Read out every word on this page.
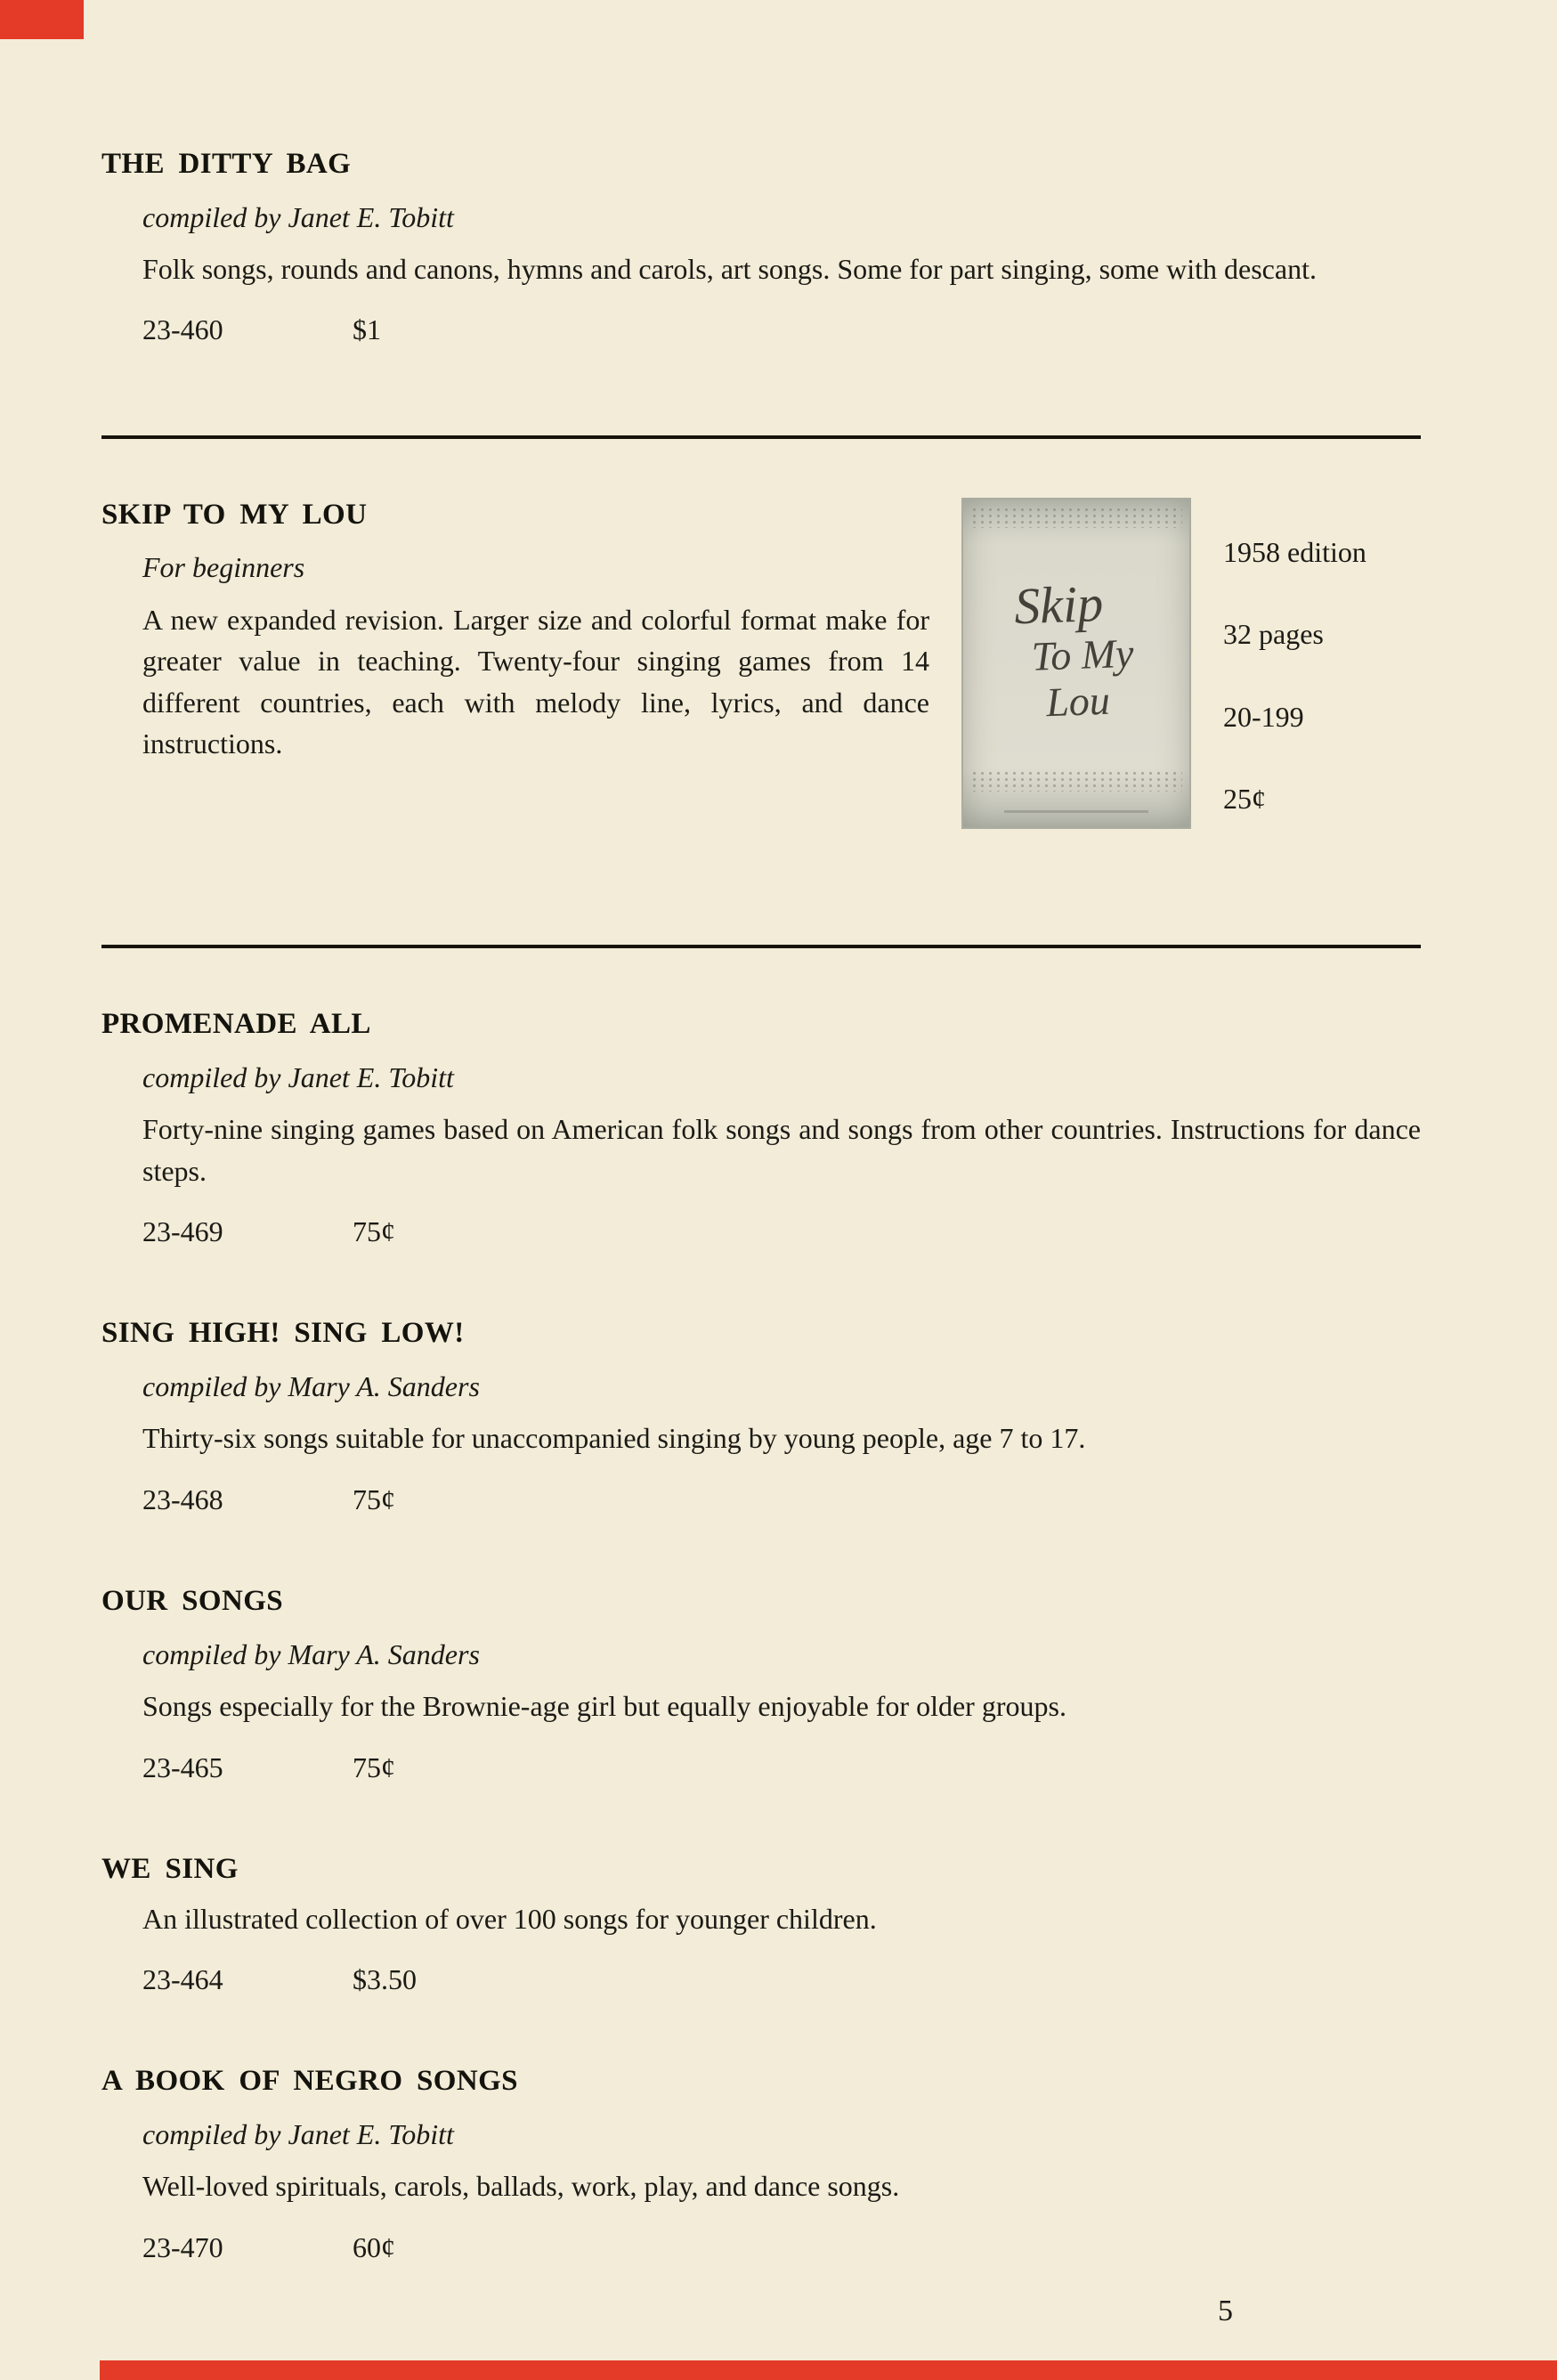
THE DITTY BAG

compiled by Janet E. Tobitt

Folk songs, rounds and canons, hymns and carols, art songs. Some for part singing, some with descant.

23-460	$1

SKIP TO MY LOU

For beginners

A new expanded revision. Larger size and colorful format make for greater value in teaching. Twenty-four singing games from 14 different countries, each with melody line, lyrics, and dance instructions.

Skip
To My
Lou

1958 edition

32 pages

20-199

25¢

PROMENADE ALL

compiled by Janet E. Tobitt

Forty-nine singing games based on American folk songs and songs from other countries. Instructions for dance steps.

23-469	75¢

SING HIGH! SING LOW!

compiled by Mary A. Sanders

Thirty-six songs suitable for unaccompanied singing by young people, age 7 to 17.

23-468	75¢

OUR SONGS

compiled by Mary A. Sanders

Songs especially for the Brownie-age girl but equally enjoyable for older groups.

23-465	75¢

WE SING

An illustrated collection of over 100 songs for younger children.

23-464	$3.50

A BOOK OF NEGRO SONGS

compiled by Janet E. Tobitt

Well-loved spirituals, carols, ballads, work, play, and dance songs.

23-470	60¢

5
